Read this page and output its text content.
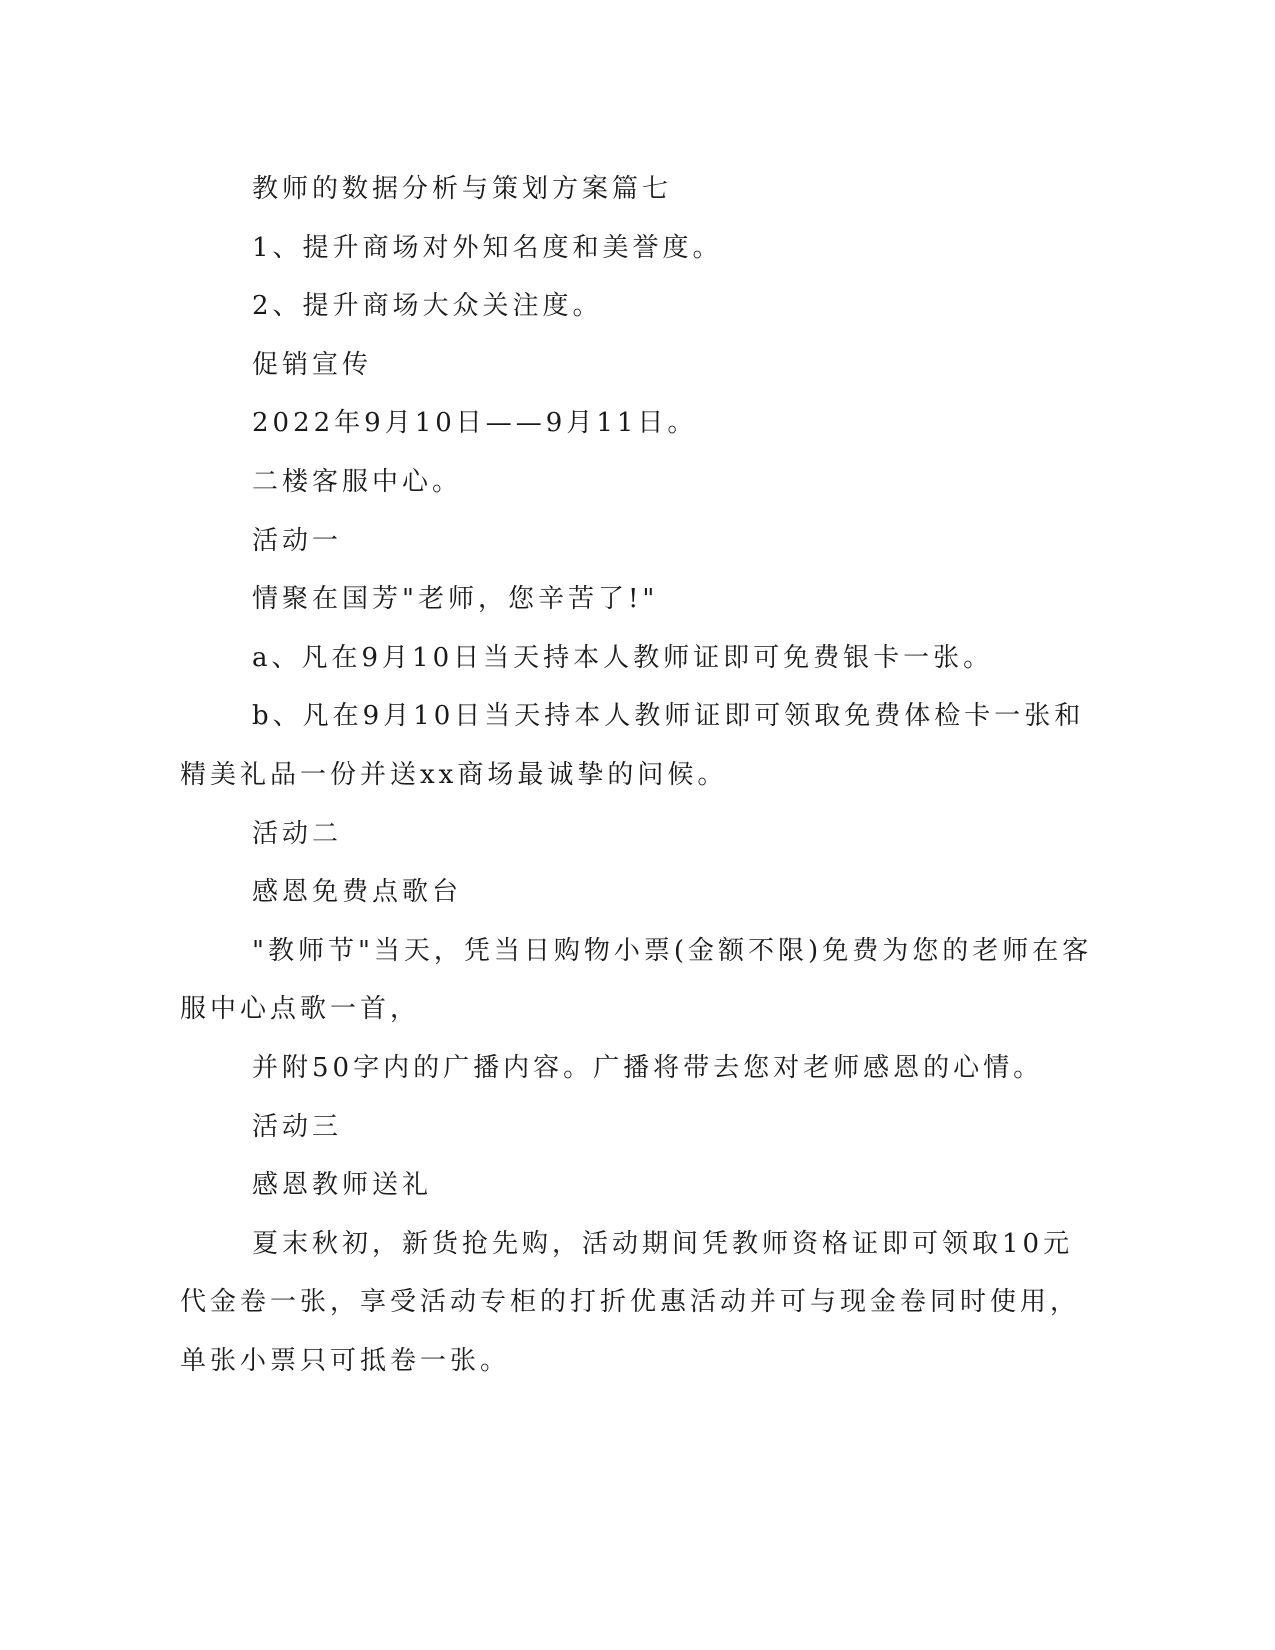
教师的数据分析与策划方案篇七
1、提升商场对外知名度和美誉度。
2、提升商场大众关注度。
促销宣传
2022年9月10日——9月11日。
二楼客服中心。
活动一
情聚在国芳"老师，您辛苦了!"
a、凡在9月10日当天持本人教师证即可免费银卡一张。
b、凡在9月10日当天持本人教师证即可领取免费体检卡一张和
精美礼品一份并送xx商场最诚挚的问候。
活动二
感恩免费点歌台
"教师节"当天，凭当日购物小票(金额不限)免费为您的老师在客
服中心点歌一首，
并附50字内的广播内容。广播将带去您对老师感恩的心情。
活动三
感恩教师送礼
夏末秋初，新货抢先购，活动期间凭教师资格证即可领取10元
代金卷一张，享受活动专柜的打折优惠活动并可与现金卷同时使用，
单张小票只可抵卷一张。
